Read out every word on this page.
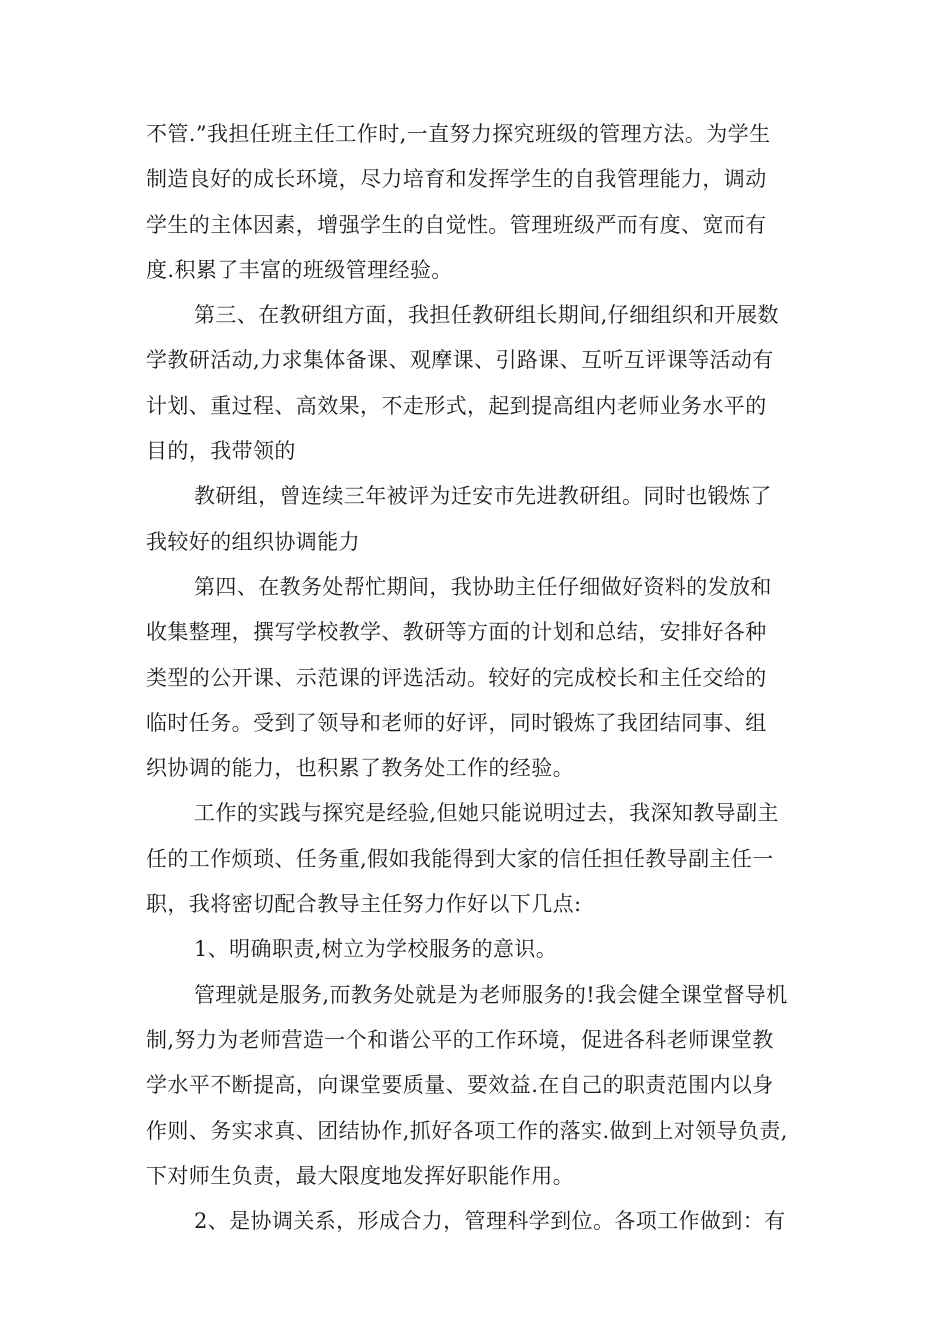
不管.”我担任班主任工作时,一直努力探究班级的管理方法。为学生
制造良好的成长环境，尽力培育和发挥学生的自我管理能力，调动
学生的主体因素，增强学生的自觉性。管理班级严而有度、宽而有
度.积累了丰富的班级管理经验。
第三、在教研组方面，我担任教研组长期间,仔细组织和开展数
学教研活动,力求集体备课、观摩课、引路课、互听互评课等活动有
计划、重过程、高效果，不走形式，起到提高组内老师业务水平的
目的，我带领的
教研组，曾连续三年被评为迁安市先进教研组。同时也锻炼了
我较好的组织协调能力
第四、在教务处帮忙期间，我协助主任仔细做好资料的发放和
收集整理，撰写学校教学、教研等方面的计划和总结，安排好各种
类型的公开课、示范课的评选活动。较好的完成校长和主任交给的
临时任务。受到了领导和老师的好评，同时锻炼了我团结同事、组
织协调的能力，也积累了教务处工作的经验。
工作的实践与探究是经验,但她只能说明过去，我深知教导副主
任的工作烦琐、任务重,假如我能得到大家的信任担任教导副主任一
职，我将密切配合教导主任努力作好以下几点:
1、明确职责,树立为学校服务的意识。
管理就是服务,而教务处就是为老师服务的!我会健全课堂督导机
制,努力为老师营造一个和谐公平的工作环境，促进各科老师课堂教
学水平不断提高，向课堂要质量、要效益.在自己的职责范围内以身
作则、务实求真、团结协作,抓好各项工作的落实.做到上对领导负责,
下对师生负责，最大限度地发挥好职能作用。
2、是协调关系，形成合力，管理科学到位。各项工作做到：有
